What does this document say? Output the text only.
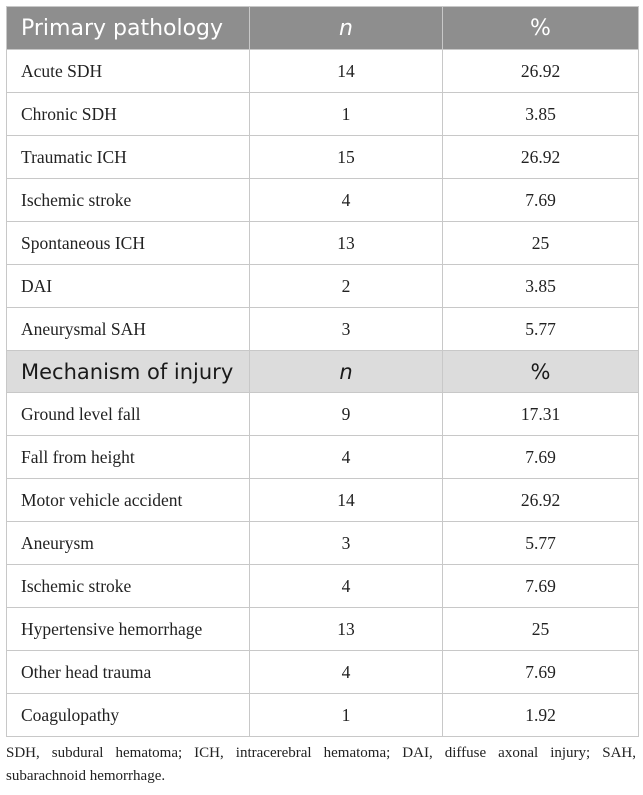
Primary pathology	n	%
Acute SDH	14	26.92
Chronic SDH	1	3.85
Traumatic ICH	15	26.92
Ischemic stroke	4	7.69
Spontaneous ICH	13	25
DAI	2	3.85
Aneurysmal SAH	3	5.77
Mechanism of injury	n	%
Ground level fall	9	17.31
Fall from height	4	7.69
Motor vehicle accident	14	26.92
Aneurysm	3	5.77
Ischemic stroke	4	7.69
Hypertensive hemorrhage	13	25
Other head trauma	4	7.69
Coagulopathy	1	1.92
SDH, subdural hematoma; ICH, intracerebral hematoma; DAI, diffuse axonal injury; SAH, subarachnoid hemorrhage.
